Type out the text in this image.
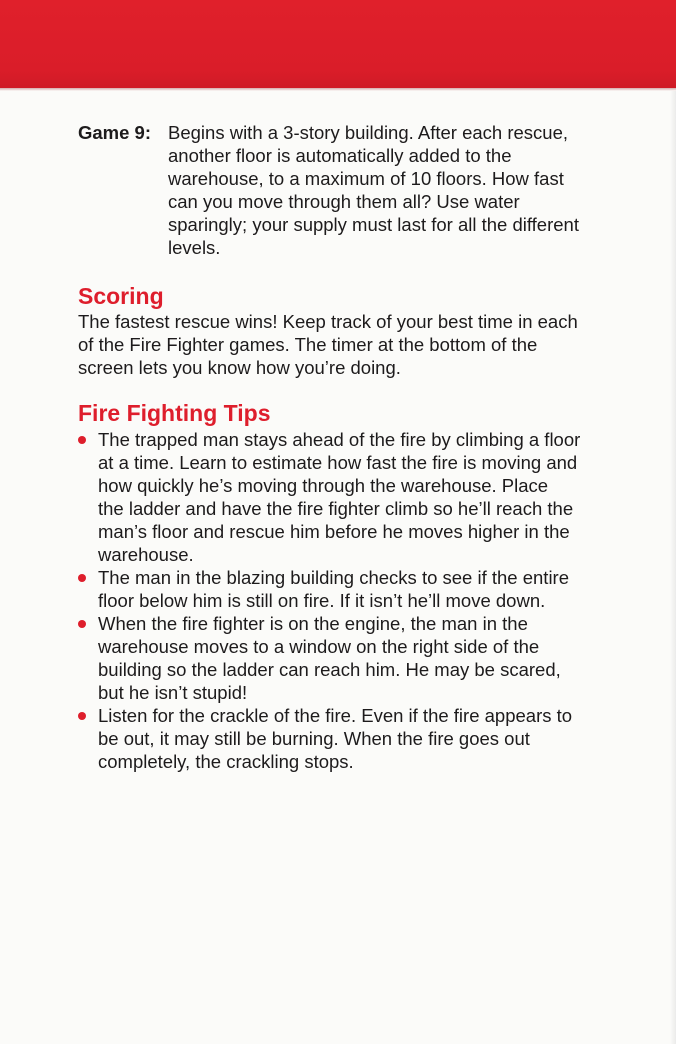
Game 9: Begins with a 3-story building. After each rescue,
another floor is automatically added to the
warehouse, to a maximum of 10 floors. How fast
can you move through them all? Use water
sparingly; your supply must last for all the different
levels.
Scoring
The fastest rescue wins! Keep track of your best time in each
of the Fire Fighter games. The timer at the bottom of the
screen lets you know how you’re doing.
Fire Fighting Tips
The trapped man stays ahead of the fire by climbing a floor
at a time. Learn to estimate how fast the fire is moving and
how quickly he’s moving through the warehouse. Place
the ladder and have the fire fighter climb so he’ll reach the
man’s floor and rescue him before he moves higher in the
warehouse.
The man in the blazing building checks to see if the entire
floor below him is still on fire. If it isn’t he’ll move down.
When the fire fighter is on the engine, the man in the
warehouse moves to a window on the right side of the
building so the ladder can reach him. He may be scared,
but he isn’t stupid!
Listen for the crackle of the fire. Even if the fire appears to
be out, it may still be burning. When the fire goes out
completely, the crackling stops.
